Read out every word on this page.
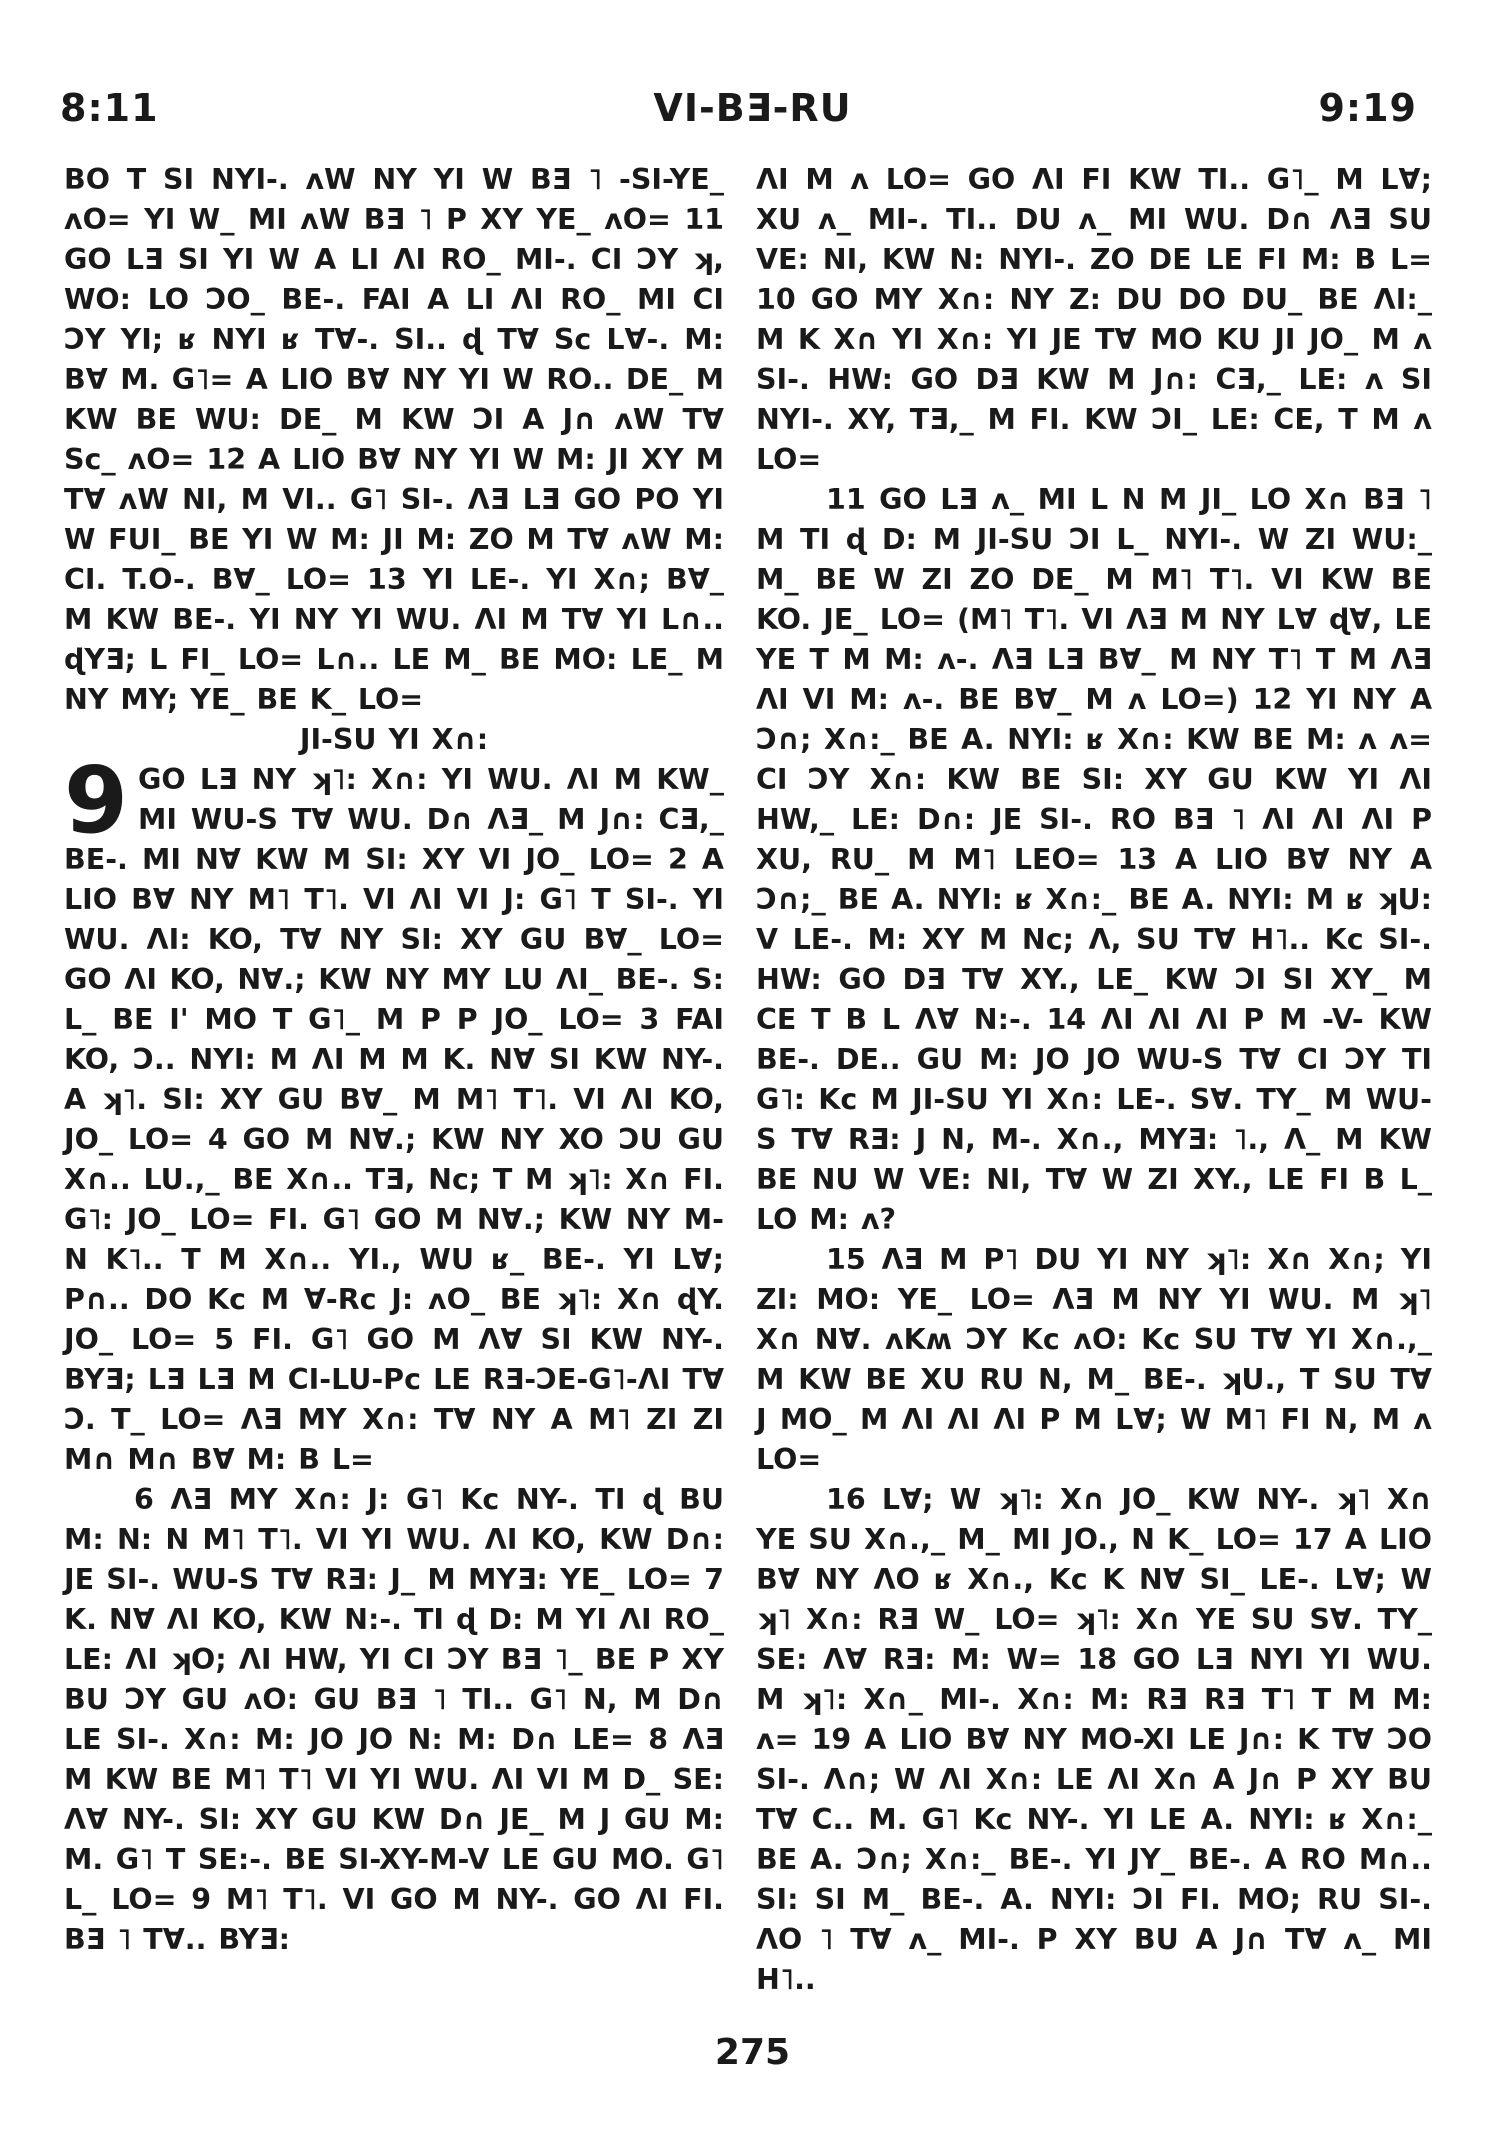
8:11	VI-BƎ-RU	9:19

BO T SI NYI-. ʌW NY YI W BƎ ˥ -SI-YE_ ʌO= YI W_ MI ʌW BƎ ˥ P XY YE_ ʌO= 11 GO LƎ SI YI W A LI ⴷI RO_ MI-. CI ƆY ʞ, WO: LO ƆO_ BE-. FAI A LI ⴷI RO_ MI CI ƆY YI; ʁ NYI ʁ TⱯ-. SI.. ɖ TⱯ Sᴄ LⱯ-. M: BⱯ M. G˥= A LIO BⱯ NY YI W RO.. DE_ M KW BE WU: DE_ M KW ƆI A J∩ ʌW TⱯ Sᴄ_ ʌO= 12 A LIO BⱯ NY YI W M: JI XY M TⱯ ʌW NI, M VI.. G˥ SI-. ⴷƎ LƎ GO PO YI W FUI_ BE YI W M: JI M: ZO M TⱯ ʌW M: CI. T.O-. BⱯ_ LO= 13 YI LE-. YI X∩; BⱯ_ M KW BE-. YI NY YI WU. ⴷI M TⱯ YI L∩.. ɖYƎ; L FI_ LO= L∩.. LE M_ BE MO: LE_ M NY MY; YE_ BE K_ LO=

JI-SU YI X∩:

9 GO LƎ NY ʞ˥: X∩: YI WU. ⴷI M KW_ MI WU-S TⱯ WU. D∩ ⴷƎ_ M J∩: CƎ,_ BE-. MI NⱯ KW M SI: XY VI JO_ LO= 2 A LIO BⱯ NY M˥ T˥. VI ⴷI VI J: G˥ T SI-. YI WU. ⴷI: KO, TⱯ NY SI: XY GU BⱯ_ LO= GO ⴷI KO, NⱯ.; KW NY MY LU ⴷI_ BE-. S: L_ BE I' MO T G˥_ M P P JO_ LO= 3 FAI KO, Ɔ.. NYI: M ⴷI M M K. NⱯ SI KW NY-. A ʞ˥. SI: XY GU BⱯ_ M M˥ T˥. VI ⴷI KO, JO_ LO= 4 GO M NⱯ.; KW NY XO ƆU GU X∩.. LU.,_ BE X∩.. TƎ, Nᴄ; T M ʞ˥: X∩ FI. G˥: JO_ LO= FI. G˥ GO M NⱯ.; KW NY M-N K˥.. T M X∩.. YI., WU ʁ_ BE-. YI LⱯ; P∩.. DO Kᴄ M Ɐ-Rᴄ J: ʌO_ BE ʞ˥: X∩ ɖY. JO_ LO= 5 FI. G˥ GO M ⴷⱯ SI KW NY-. BYƎ; LƎ LƎ M CI-LU-Pᴄ LE RƎ-ƆE-G˥-ⴷI TⱯ Ɔ. T_ LO= ⴷƎ MY X∩: TⱯ NY A M˥ ZI ZI M∩ M∩ BⱯ M: B L=

6 ⴷƎ MY X∩: J: G˥ Kᴄ NY-. TI ɖ BU M: N: N M˥ T˥. VI YI WU. ⴷI KO, KW D∩: JE SI-. WU-S TⱯ RƎ: J_ M MYƎ: YE_ LO= 7 K. NⱯ ⴷI KO, KW N:-. TI ɖ D: M YI ⴷI RO_ LE: ⴷI ʞO; ⴷI HW, YI CI ƆY BƎ ˥_ BE P XY BU ƆY GU ʌO: GU BƎ ˥ TI.. G˥ N, M D∩ LE SI-. X∩: M: JO JO N: M: D∩ LE= 8 ⴷƎ M KW BE M˥ T˥ VI YI WU. ⴷI VI M D_ SE: ⴷⱯ NY-. SI: XY GU KW D∩ JE_ M J GU M: M. G˥ T SE:-. BE SI-XY-M-V LE GU MO. G˥ L_ LO= 9 M˥ T˥. VI GO M NY-. GO ⴷI FI. BƎ ˥ TⱯ.. BYƎ:

ⴷI M ʌ LO= GO ⴷI FI KW TI.. G˥_ M LⱯ; XU ʌ_ MI-. TI.. DU ʌ_ MI WU. D∩ ⴷƎ SU VE: NI, KW N: NYI-. ZO DE LE FI M: B L= 10 GO MY X∩: NY Z: DU DO DU_ BE ⴷI:_ M K X∩ YI X∩: YI JE TⱯ MO KU JI JO_ M ʌ SI-. HW: GO DƎ KW M J∩: CƎ,_ LE: ʌ SI NYI-. XY, TƎ,_ M FI. KW ƆI_ LE: CE, T M ʌ LO=

11 GO LƎ ʌ_ MI L N M JI_ LO X∩ BƎ ˥ M TI ɖ D: M JI-SU ƆI L_ NYI-. W ZI WU:_ M_ BE W ZI ZO DE_ M M˥ T˥. VI KW BE KO. JE_ LO= (M˥ T˥. VI ⴷƎ M NY LⱯ ɖⱯ, LE YE T M M: ʌ-. ⴷƎ LƎ BⱯ_ M NY T˥ T M ⴷƎ ⴷI VI M: ʌ-. BE BⱯ_ M ʌ LO=) 12 YI NY A Ɔ∩; X∩:_ BE A. NYI: ʁ X∩: KW BE M: ʌ ʌ= CI ƆY X∩: KW BE SI: XY GU KW YI ⴷI HW,_ LE: D∩: JE SI-. RO BƎ ˥ ⴷI ⴷI ⴷI P XU, RU_ M M˥ LEO= 13 A LIO BⱯ NY A Ɔ∩;_ BE A. NYI: ʁ X∩:_ BE A. NYI: M ʁ ʞU: V LE-. M: XY M Nᴄ; ⴷ, SU TⱯ H˥.. Kᴄ SI-. HW: GO DƎ TⱯ XY., LE_ KW ƆI SI XY_ M CE T B L ⴷⱯ N:-. 14 ⴷI ⴷI ⴷI P M -V- KW BE-. DE.. GU M: JO JO WU-S TⱯ CI ƆY TI G˥: Kᴄ M JI-SU YI X∩: LE-. SⱯ. TY_ M WU-S TⱯ RƎ: J N, M-. X∩., MYƎ: ˥., ⴷ_ M KW BE NU W VE: NI, TⱯ W ZI XY., LE FI B L_ LO M: ʌ?

15 ⴷƎ M P˥ DU YI NY ʞ˥: X∩ X∩; YI ZI: MO: YE_ LO= ⴷƎ M NY YI WU. M ʞ˥ X∩ NⱯ. ʌKʍ ƆY Kᴄ ʌO: Kᴄ SU TⱯ YI X∩.,_ M KW BE XU RU N, M_ BE-. ʞU., T SU TⱯ J MO_ M ⴷI ⴷI ⴷI P M LⱯ; W M˥ FI N, M ʌ LO=

16 LⱯ; W ʞ˥: X∩ JO_ KW NY-. ʞ˥ X∩ YE SU X∩.,_ M_ MI JO., N K_ LO= 17 A LIO BⱯ NY ⴷO ʁ X∩., Kᴄ K NⱯ SI_ LE-. LⱯ; W ʞ˥ X∩: RƎ W_ LO= ʞ˥: X∩ YE SU SⱯ. TY_ SE: ⴷⱯ RƎ: M: W= 18 GO LƎ NYI YI WU. M ʞ˥: X∩_ MI-. X∩: M: RƎ RƎ T˥ T M M: ʌ= 19 A LIO BⱯ NY MO-XI LE J∩: K TⱯ ƆO SI-. ⴷ∩; W ⴷI X∩: LE ⴷI X∩ A J∩ P XY BU TⱯ C.. M. G˥ Kᴄ NY-. YI LE A. NYI: ʁ X∩:_ BE A. Ɔ∩; X∩:_ BE-. YI JY_ BE-. A RO M∩.. SI: SI M_ BE-. A. NYI: ƆI FI. MO; RU SI-. ⴷO ˥ TⱯ ʌ_ MI-. P XY BU A J∩ TⱯ ʌ_ MI H˥..

275
